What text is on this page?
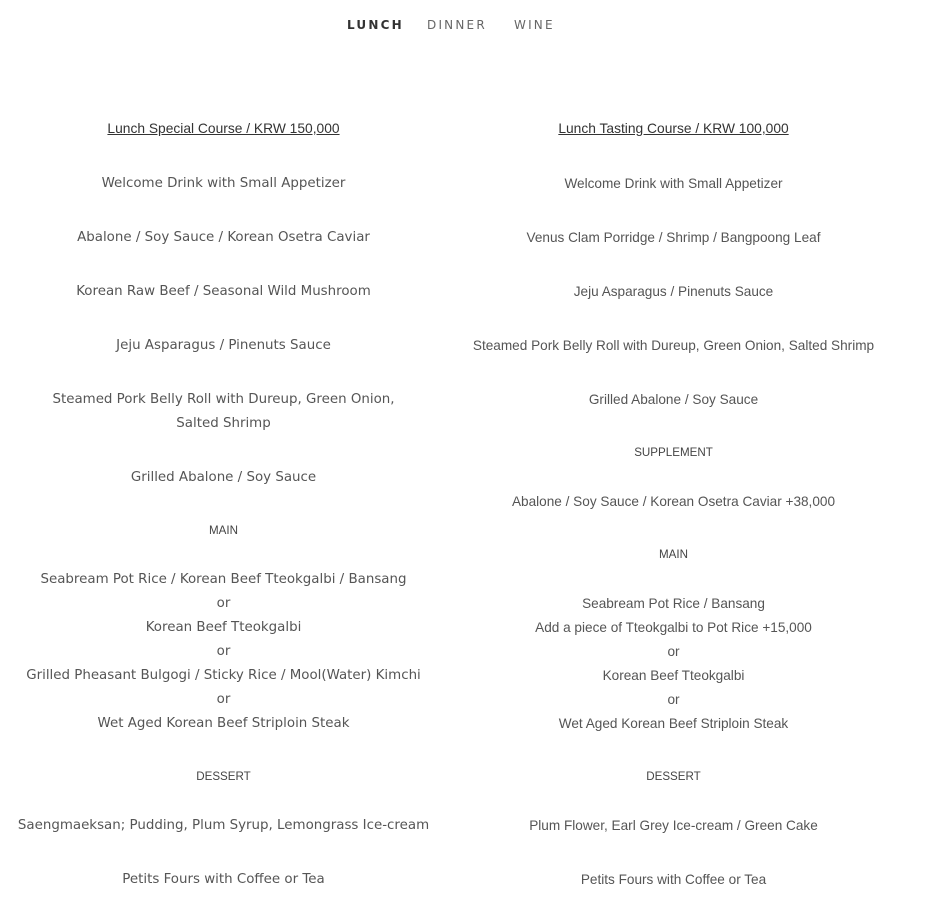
LUNCH DINNER WINE
Lunch Special Course / KRW 150,000
Welcome Drink with Small Appetizer
Abalone / Soy Sauce / Korean Osetra Caviar
Korean Raw Beef / Seasonal Wild Mushroom
Jeju Asparagus / Pinenuts Sauce
Steamed Pork Belly Roll with Dureup, Green Onion, Salted Shrimp
Grilled Abalone / Soy Sauce
MAIN
Seabream Pot Rice / Korean Beef Tteokgalbi / Bansang
or
Korean Beef Tteokgalbi
or
Grilled Pheasant Bulgogi / Sticky Rice / Mool(Water) Kimchi
or
Wet Aged Korean Beef Striploin Steak
DESSERT
Saengmaeksan; Pudding, Plum Syrup, Lemongrass Ice-cream
Petits Fours with Coffee or Tea
Lunch Tasting Course / KRW 100,000
Welcome Drink with Small Appetizer
Venus Clam Porridge / Shrimp / Bangpoong Leaf
Jeju Asparagus / Pinenuts Sauce
Steamed Pork Belly Roll with Dureup, Green Onion, Salted Shrimp
Grilled Abalone / Soy Sauce
SUPPLEMENT
Abalone / Soy Sauce / Korean Osetra Caviar +38,000
MAIN
Seabream Pot Rice / Bansang
Add a piece of Tteokgalbi to Pot Rice +15,000
or
Korean Beef Tteokgalbi
or
Wet Aged Korean Beef Striploin Steak
DESSERT
Plum Flower, Earl Grey Ice-cream / Green Cake
Petits Fours with Coffee or Tea
